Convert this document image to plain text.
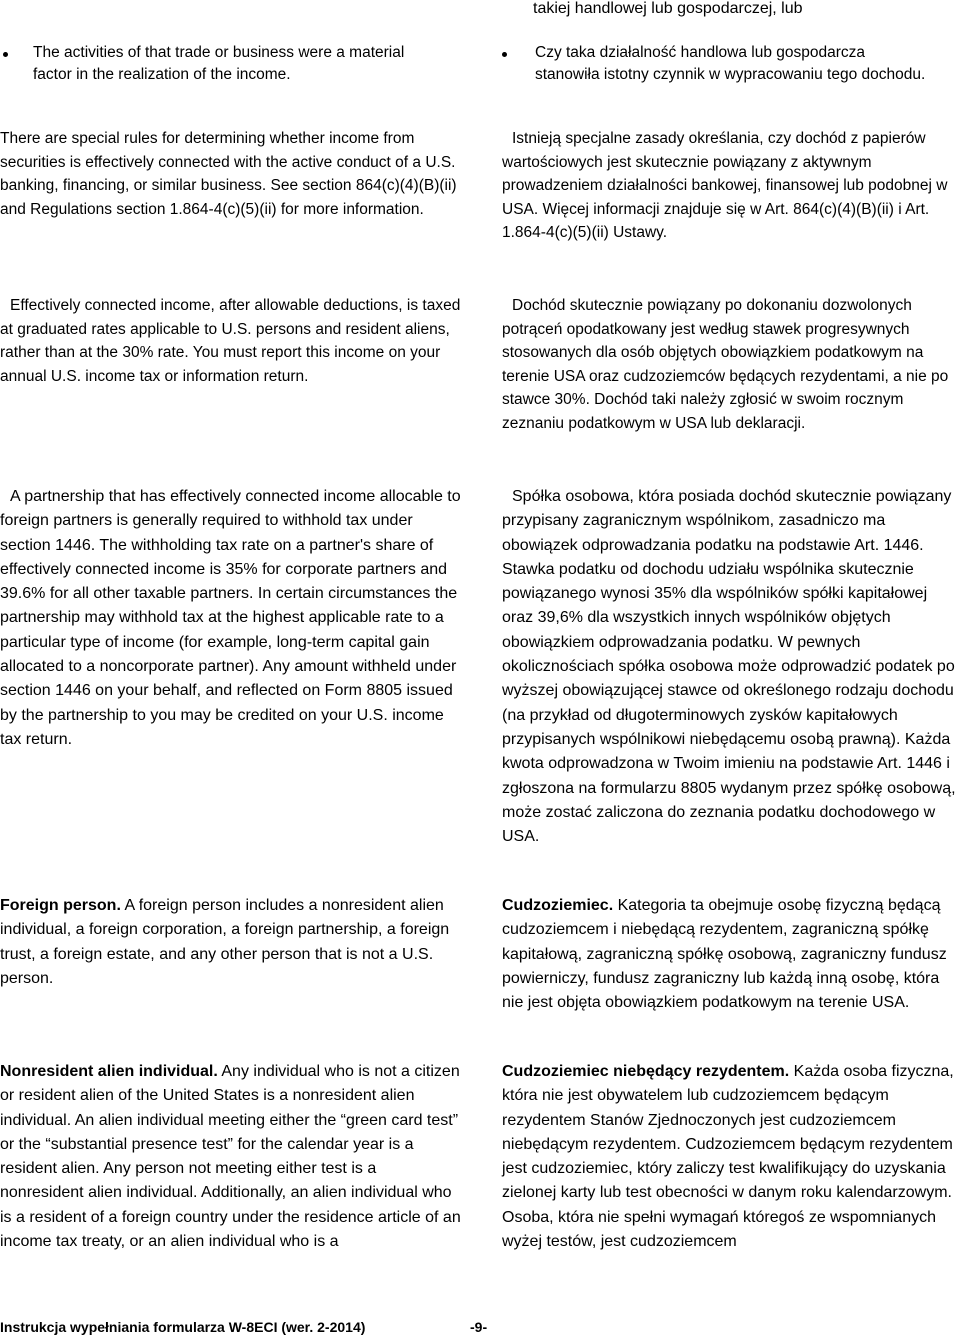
takiej handlowej lub gospodarczej, lub

The activities of that trade or business were a material factor in the realization of the income.

There are special rules for determining whether income from securities is effectively connected with the active conduct of a U.S. banking, financing, or similar business. See section 864(c)(4)(B)(ii) and Regulations section 1.864-4(c)(5)(ii) for more information.

Effectively connected income, after allowable deductions, is taxed at graduated rates applicable to U.S. persons and resident aliens, rather than at the 30% rate. You must report this income on your annual U.S. income tax or information return.

A partnership that has effectively connected income allocable to foreign partners is generally required to withhold tax under section 1446. The withholding tax rate on a partner's share of effectively connected income is 35% for corporate partners and 39.6% for all other taxable partners. In certain circumstances the partnership may withhold tax at the highest applicable rate to a particular type of income (for example, long-term capital gain allocated to a noncorporate partner). Any amount withheld under section 1446 on your behalf, and reflected on Form 8805 issued by the partnership to you may be credited on your U.S. income tax return.

Foreign person. A foreign person includes a nonresident alien individual, a foreign corporation, a foreign partnership, a foreign trust, a foreign estate, and any other person that is not a U.S. person.

Nonresident alien individual. Any individual who is not a citizen or resident alien of the United States is a nonresident alien individual. An alien individual meeting either the “green card test” or the “substantial presence test” for the calendar year is a resident alien. Any person not meeting either test is a nonresident alien individual. Additionally, an alien individual who is a resident of a foreign country under the residence article of an income tax treaty, or an alien individual who is a

Czy taka działalność handlowa lub gospodarcza stanowiła istotny czynnik w wypracowaniu tego dochodu.

Istnieją specjalne zasady określania, czy dochód z papierów wartościowych jest skutecznie powiązany z aktywnym prowadzeniem działalności bankowej, finansowej lub podobnej w USA. Więcej informacji znajduje się w Art. 864(c)(4)(B)(ii) i Art. 1.864-4(c)(5)(ii) Ustawy.

Dochód skutecznie powiązany po dokonaniu dozwolonych potrąceń opodatkowany jest według stawek progresywnych stosowanych dla osób objętych obowiązkiem podatkowym na terenie USA oraz cudzoziemców będących rezydentami, a nie po stawce 30%. Dochód taki należy zgłosić w swoim rocznym zeznaniu podatkowym w USA lub deklaracji.

Spółka osobowa, która posiada dochód skutecznie powiązany przypisany zagranicznym wspólnikom, zasadniczo ma obowiązek odprowadzania podatku na podstawie Art. 1446. Stawka podatku od dochodu udziału wspólnika skutecznie powiązanego wynosi 35% dla wspólników spółki kapitałowej oraz 39,6% dla wszystkich innych wspólników objętych obowiązkiem odprowadzania podatku. W pewnych okolicznościach spółka osobowa może odprowadzić podatek po wyższej obowiązującej stawce od określonego rodzaju dochodu (na przykład od długoterminowych zysków kapitałowych przypisanych wspólnikowi niebędącemu osobą prawną). Każda kwota odprowadzona w Twoim imieniu na podstawie Art. 1446 i zgłoszona na formularzu 8805 wydanym przez spółkę osobową, może zostać zaliczona do zeznania podatku dochodowego w USA.

Cudzoziemiec. Kategoria ta obejmuje osobę fizyczną będącą cudzoziemcem i niebędącą rezydentem, zagraniczną spółkę kapitałową, zagraniczną spółkę osobową, zagraniczny fundusz powierniczy, fundusz zagraniczny lub każdą inną osobę, która nie jest objęta obowiązkiem podatkowym na terenie USA.

Cudzoziemiec niebędący rezydentem. Każda osoba fizyczna, która nie jest obywatelem lub cudzoziemcem będącym rezydentem Stanów Zjednoczonych jest cudzoziemcem niebędącym rezydentem. Cudzoziemcem będącym rezydentem jest cudzoziemiec, który zaliczy test kwalifikujący do uzyskania zielonej karty lub test obecności w danym roku kalendarzowym. Osoba, która nie spełni wymagań któregoś ze wspomnianych wyżej testów, jest cudzoziemcem

Instrukcja wypełniania formularza W-8ECI (wer. 2-2014)	-9-
